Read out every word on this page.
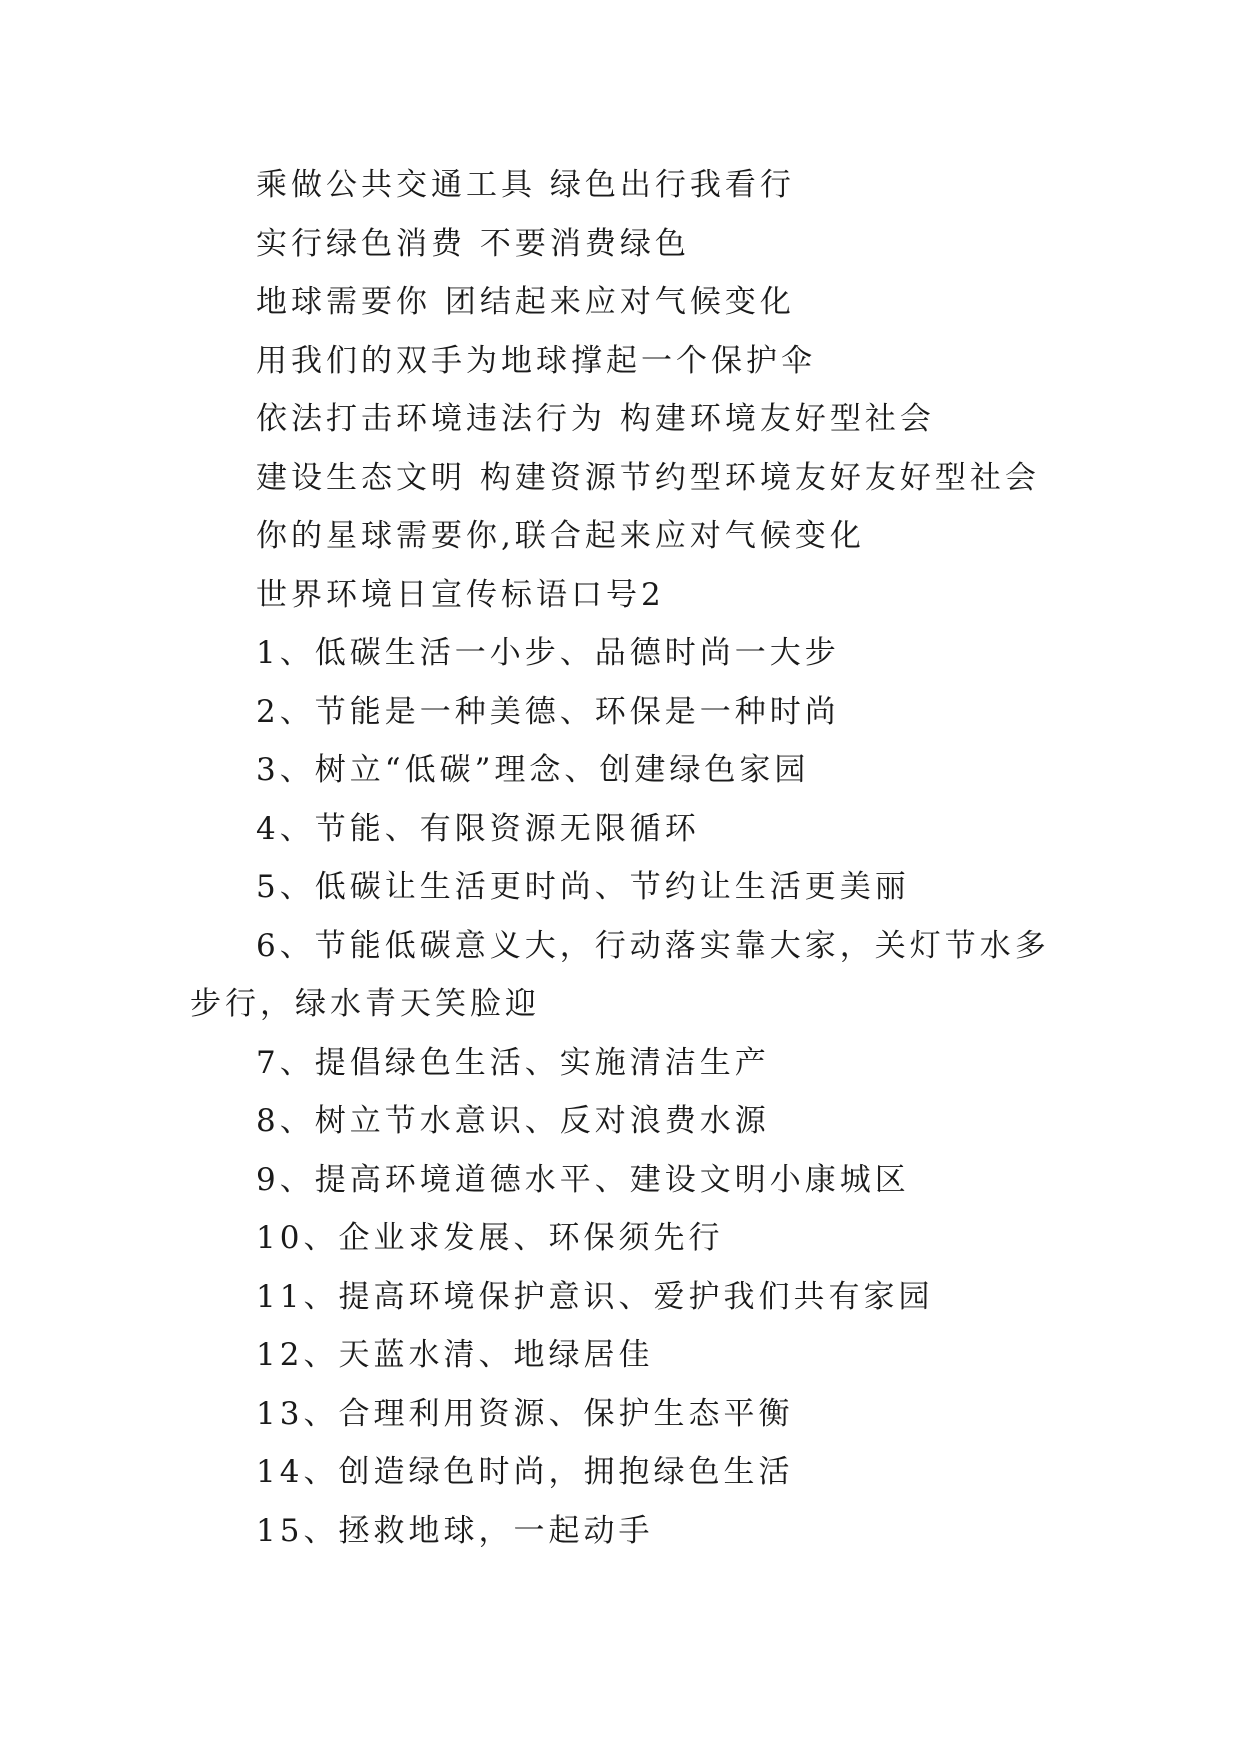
乘做公共交通工具 绿色出行我看行
实行绿色消费 不要消费绿色
地球需要你 团结起来应对气候变化
用我们的双手为地球撑起一个保护伞
依法打击环境违法行为 构建环境友好型社会
建设生态文明 构建资源节约型环境友好友好型社会
你的星球需要你,联合起来应对气候变化
世界环境日宣传标语口号2
1、低碳生活一小步、品德时尚一大步
2、节能是一种美德、环保是一种时尚
3、树立“低碳”理念、创建绿色家园
4、节能、有限资源无限循环
5、低碳让生活更时尚、节约让生活更美丽
6、节能低碳意义大，行动落实靠大家，关灯节水多步行，绿水青天笑脸迎
7、提倡绿色生活、实施清洁生产
8、树立节水意识、反对浪费水源
9、提高环境道德水平、建设文明小康城区
10、企业求发展、环保须先行
11、提高环境保护意识、爱护我们共有家园
12、天蓝水清、地绿居佳
13、合理利用资源、保护生态平衡
14、创造绿色时尚，拥抱绿色生活
15、拯救地球，一起动手
